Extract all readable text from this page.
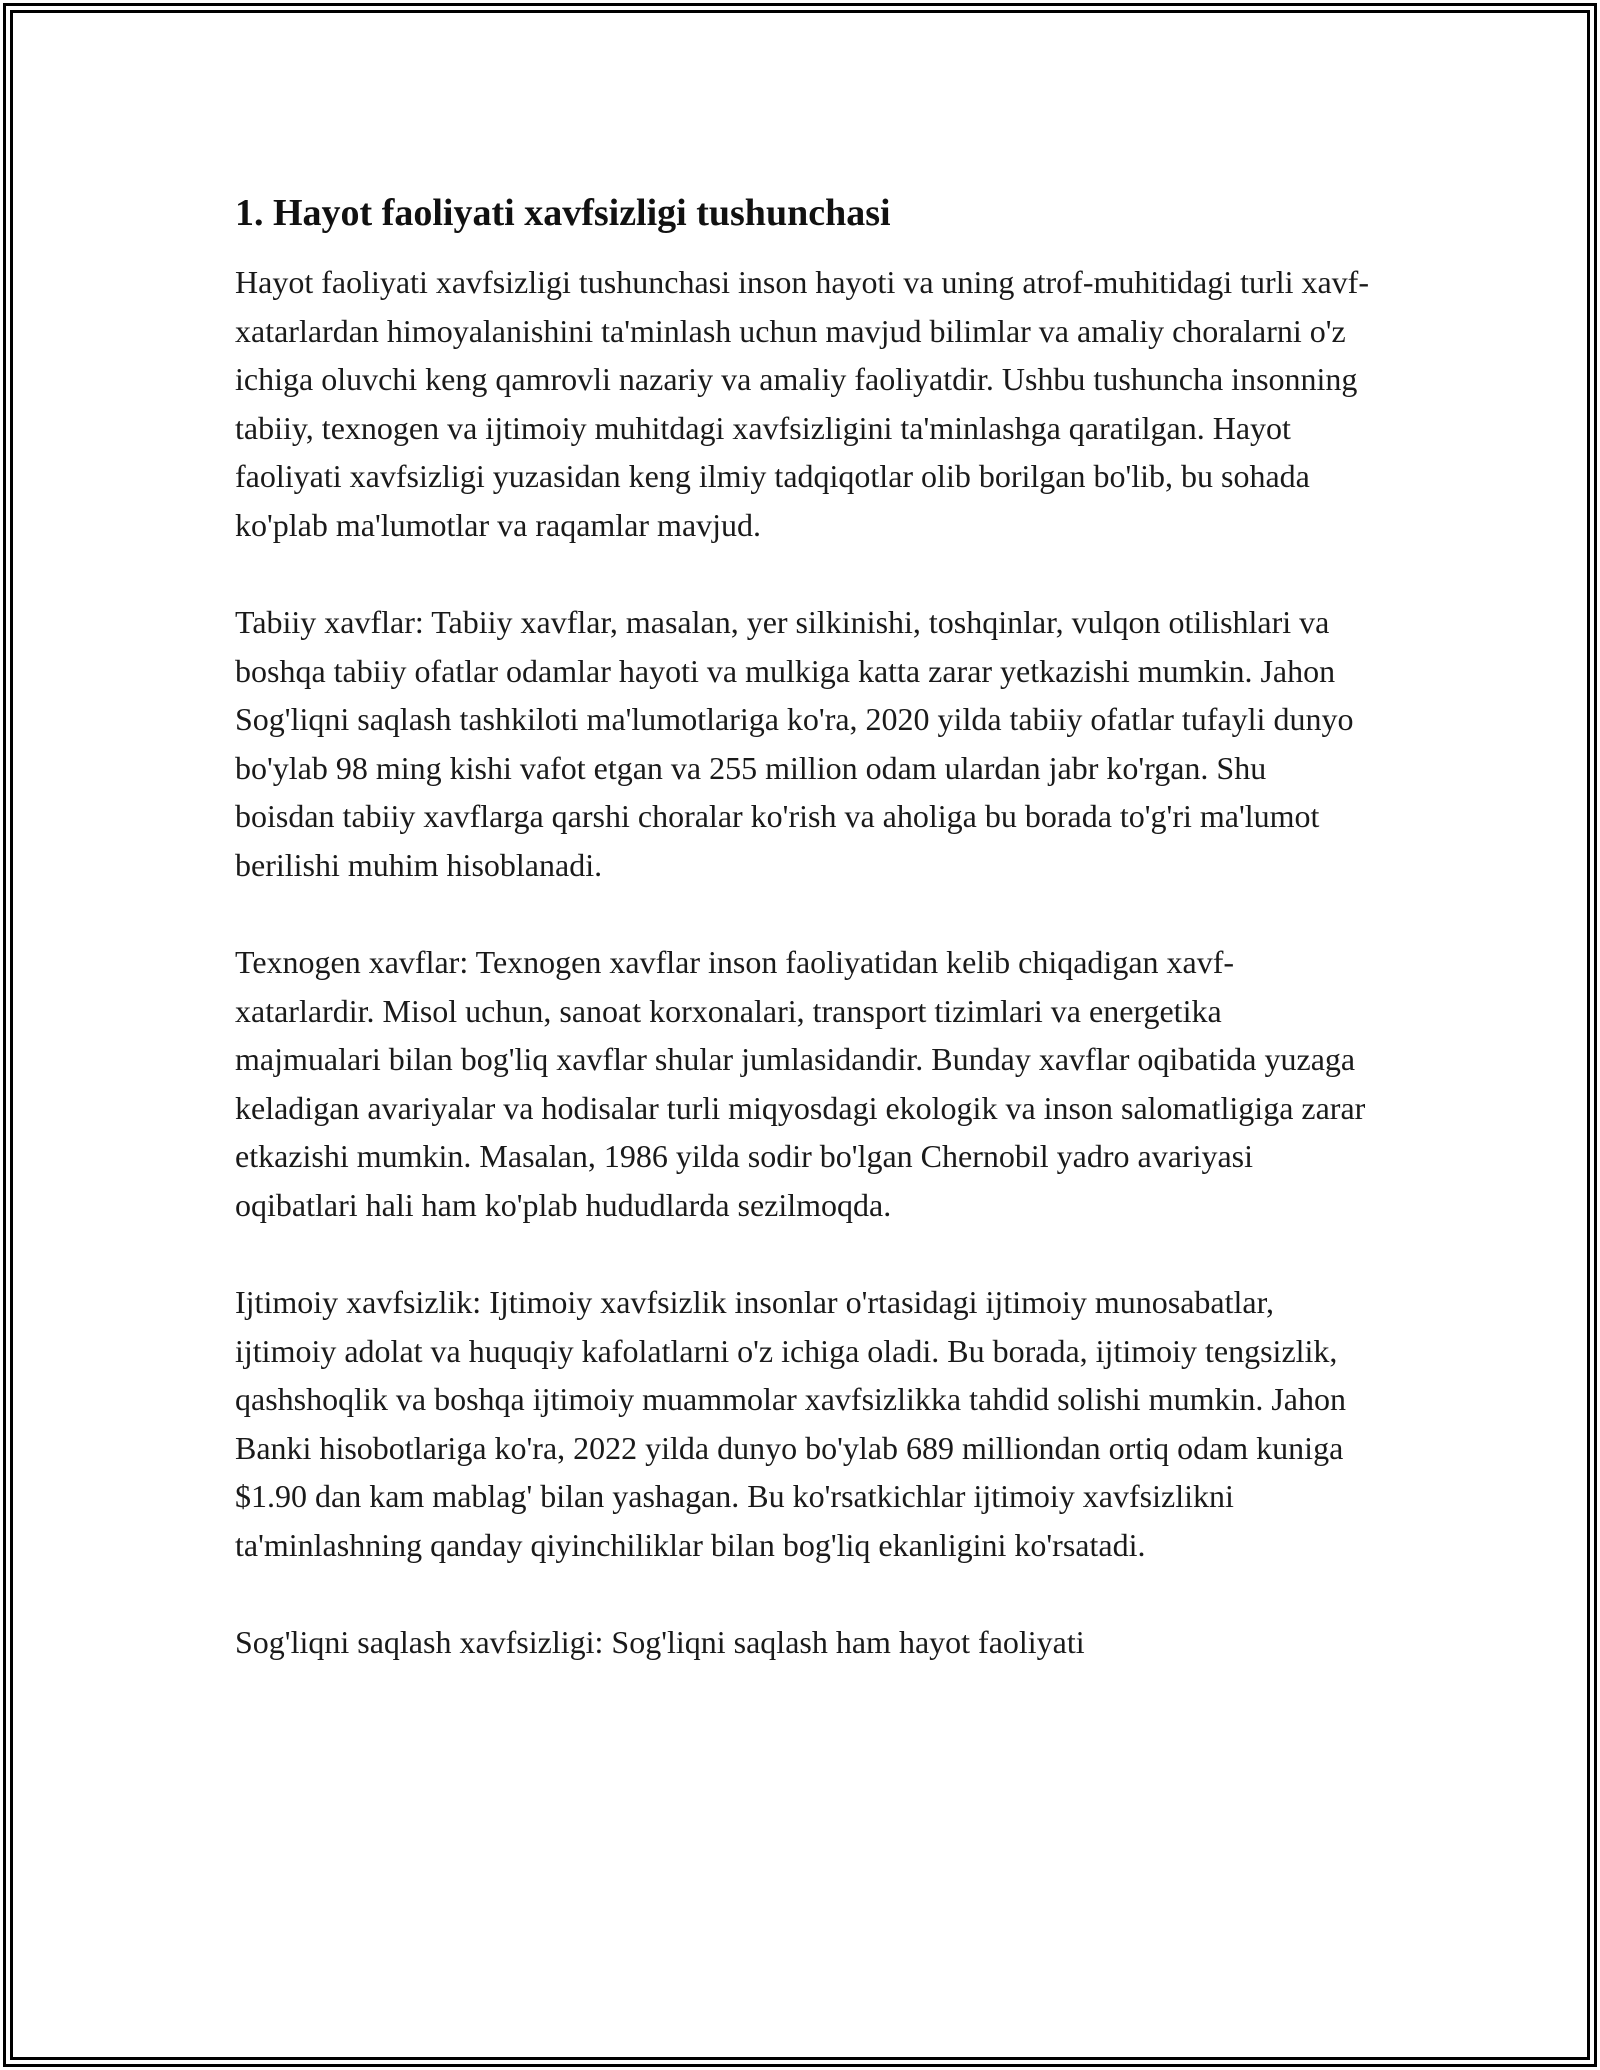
1. Hayot faoliyati xavfsizligi tushunchasi

Hayot faoliyati xavfsizligi tushunchasi inson hayoti va uning atrof-muhitidagi turli xavf-xatarlardan himoyalanishini ta'minlash uchun mavjud bilimlar va amaliy choralarni o'z ichiga oluvchi keng qamrovli nazariy va amaliy faoliyatdir. Ushbu tushuncha insonning tabiiy, texnogen va ijtimoiy muhitdagi xavfsizligini ta'minlashga qaratilgan. Hayot faoliyati xavfsizligi yuzasidan keng ilmiy tadqiqotlar olib borilgan bo'lib, bu sohada ko'plab ma'lumotlar va raqamlar mavjud.

Tabiiy xavflar: Tabiiy xavflar, masalan, yer silkinishi, toshqinlar, vulqon otilishlari va boshqa tabiiy ofatlar odamlar hayoti va mulkiga katta zarar yetkazishi mumkin. Jahon Sog'liqni saqlash tashkiloti ma'lumotlariga ko'ra, 2020 yilda tabiiy ofatlar tufayli dunyo bo'ylab 98 ming kishi vafot etgan va 255 million odam ulardan jabr ko'rgan. Shu boisdan tabiiy xavflarga qarshi choralar ko'rish va aholiga bu borada to'g'ri ma'lumot berilishi muhim hisoblanadi.

Texnogen xavflar: Texnogen xavflar inson faoliyatidan kelib chiqadigan xavf-xatarlardir. Misol uchun, sanoat korxonalari, transport tizimlari va energetika majmualari bilan bog'liq xavflar shular jumlasidandir. Bunday xavflar oqibatida yuzaga keladigan avariyalar va hodisalar turli miqyosdagi ekologik va inson salomatligiga zarar etkazishi mumkin. Masalan, 1986 yilda sodir bo'lgan Chernobil yadro avariyasi oqibatlari hali ham ko'plab hududlarda sezilmoqda.

Ijtimoiy xavfsizlik: Ijtimoiy xavfsizlik insonlar o'rtasidagi ijtimoiy munosabatlar, ijtimoiy adolat va huquqiy kafolatlarni o'z ichiga oladi. Bu borada, ijtimoiy tengsizlik, qashshoqlik va boshqa ijtimoiy muammolar xavfsizlikka tahdid solishi mumkin. Jahon Banki hisobotlariga ko'ra, 2022 yilda dunyo bo'ylab 689 milliondan ortiq odam kuniga $1.90 dan kam mablag' bilan yashagan. Bu ko'rsatkichlar ijtimoiy xavfsizlikni ta'minlashning qanday qiyinchiliklar bilan bog'liq ekanligini ko'rsatadi.

Sog'liqni saqlash xavfsizligi: Sog'liqni saqlash ham hayot faoliyati
